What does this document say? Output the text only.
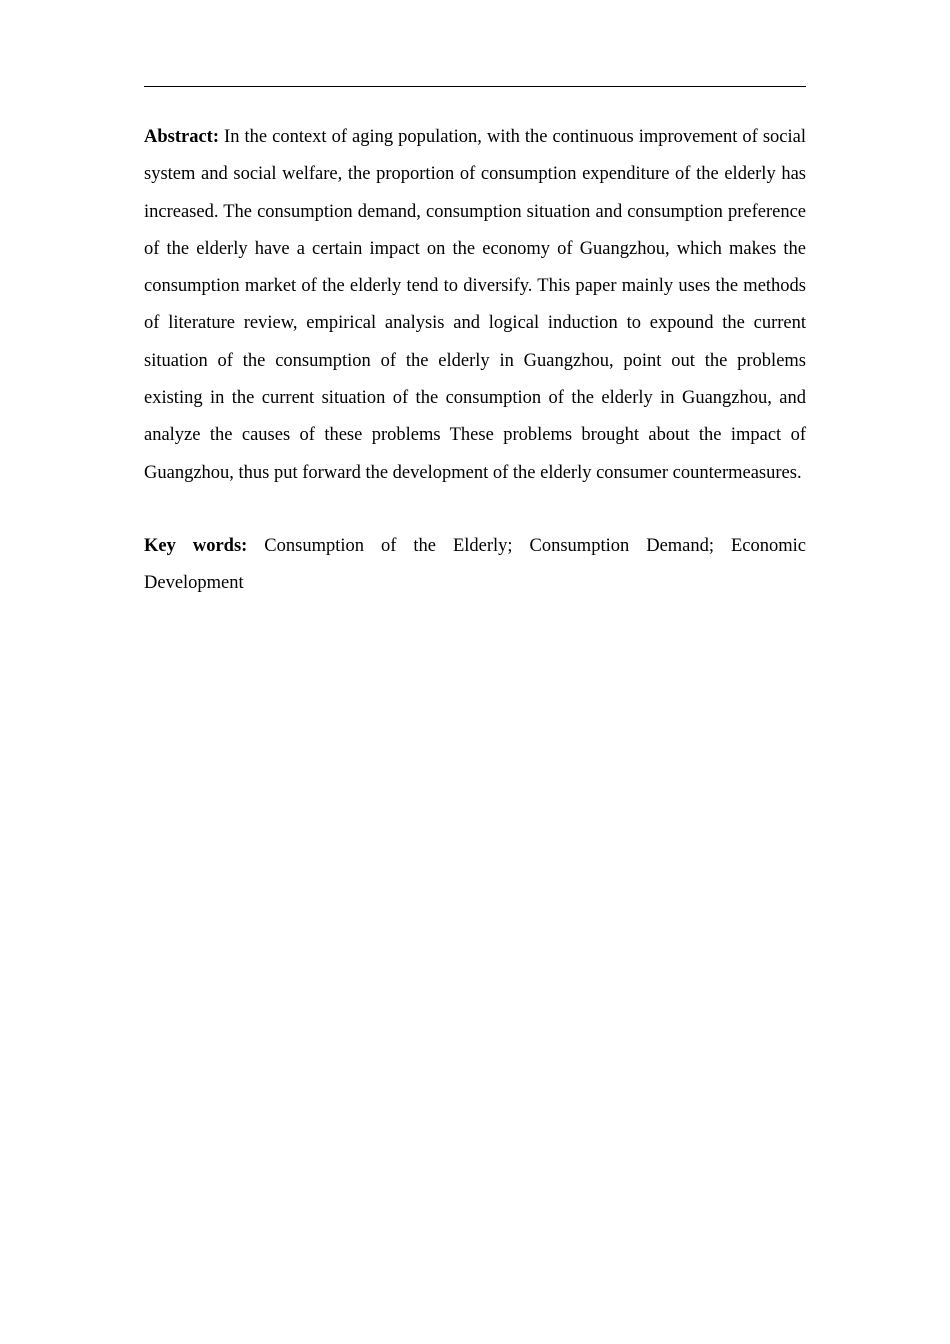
Abstract: In the context of aging population, with the continuous improvement of social system and social welfare, the proportion of consumption expenditure of the elderly has increased. The consumption demand, consumption situation and consumption preference of the elderly have a certain impact on the economy of Guangzhou, which makes the consumption market of the elderly tend to diversify. This paper mainly uses the methods of literature review, empirical analysis and logical induction to expound the current situation of the consumption of the elderly in Guangzhou, point out the problems existing in the current situation of the consumption of the elderly in Guangzhou, and analyze the causes of these problems These problems brought about the impact of Guangzhou, thus put forward the development of the elderly consumer countermeasures.

Key words: Consumption of the Elderly; Consumption Demand; Economic Development
